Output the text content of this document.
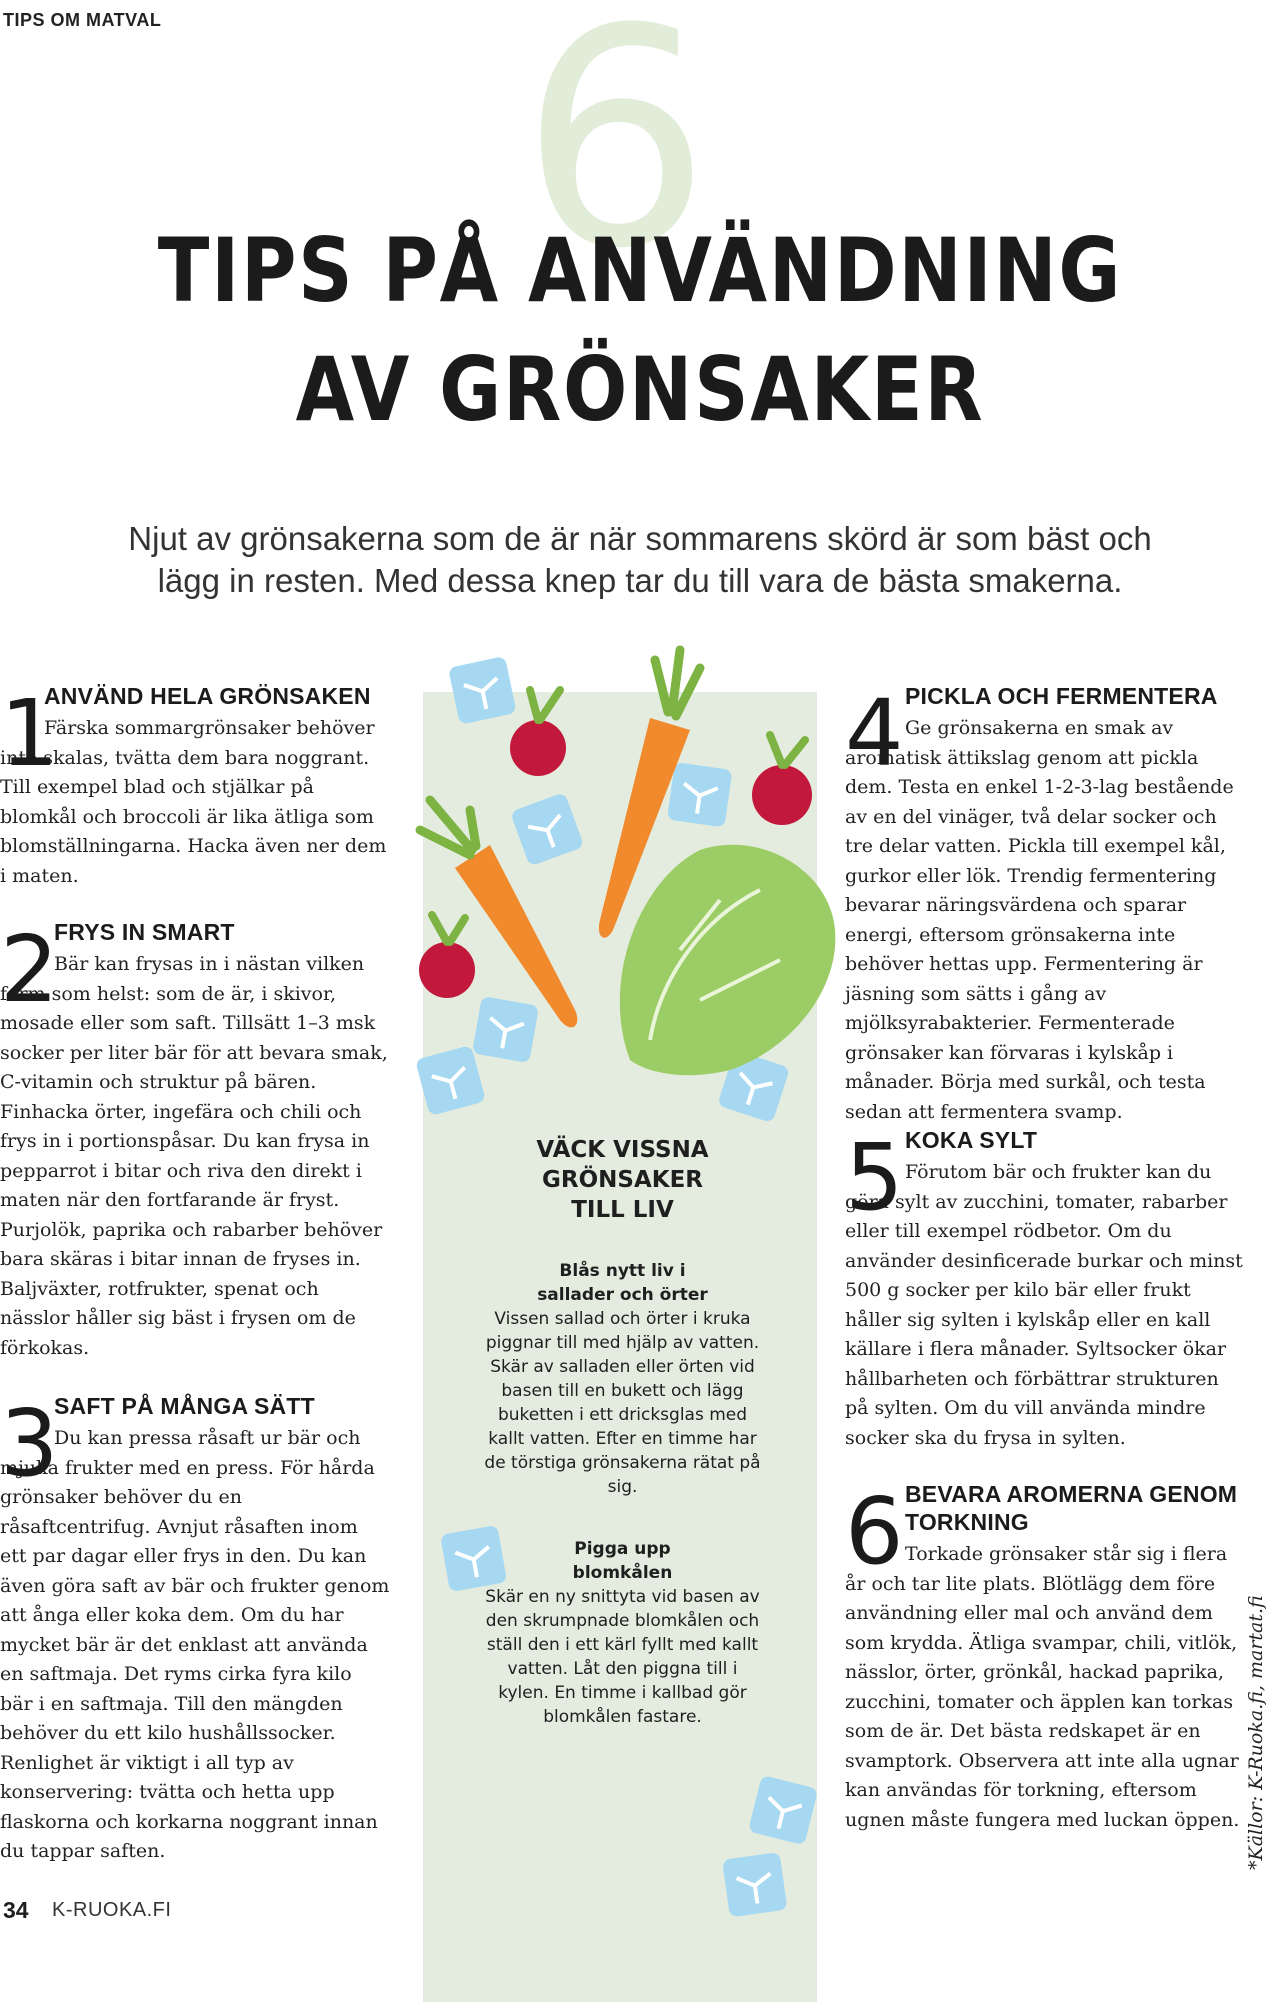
TIPS OM MATVAL 6
TIPS PÅ ANVÄNDNING
AV GRÖNSAKER
Njut av grönsakerna som de är när sommarens skörd är som bäst och
lägg in resten. Med dessa knep tar du till vara de bästa smakerna.
1

ANVÄND HELA GRÖNSAKEN

Färska sommargrönsaker behöver inte skalas, tvätta dem bara noggrant. Till exempel blad och stjälkar på blomkål och broccoli är lika ätliga som blomställningarna. Hacka även ner dem i maten.

2

FRYS IN SMART

Bär kan frysas in i nästan vilken form som helst: som de är, i skivor, mosade eller som saft. Tillsätt 1–3 msk socker per liter bär för att bevara smak, C-vitamin och struktur på bären. Finhacka örter, ingefära och chili och frys in i portionspåsar. Du kan frysa in pepparrot i bitar och riva den direkt i maten när den fortfarande är fryst. Purjolök, paprika och rabarber behöver bara skäras i bitar innan de fryses in. Baljväxter, rotfrukter, spenat och nässlor håller sig bäst i frysen om de förkokas.

3

SAFT PÅ MÅNGA SÄTT

Du kan pressa råsaft ur bär och mjuka frukter med en press. För hårda grönsaker behöver du en råsaftcentrifug. Avnjut råsaften inom ett par dagar eller frys in den. Du kan även göra saft av bär och frukter genom att ånga eller koka dem. Om du har mycket bär är det enklast att använda en saftmaja. Det ryms cirka fyra kilo bär i en saftmaja. Till den mängden behöver du ett kilo hushållssocker. Renlighet är viktigt i all typ av konservering: tvätta och hetta upp flaskorna och korkarna noggrant innan du tappar saften.

VÄCK VISSNA
GRÖNSAKER
TILL LIV
Blås nytt liv i
sallader och örter
Vissen sallad och örter i kruka piggnar till med hjälp av vatten. Skär av salladen eller örten vid basen till en bukett och lägg buketten i ett dricksglas med kallt vatten. Efter en timme har de törstiga grönsakerna rätat på sig.
Pigga upp
blomkålen
Skär en ny snittyta vid basen av den skrumpnade blomkålen och ställ den i ett kärl fyllt med kallt vatten. Låt den piggna till i kylen. En timme i kallbad gör blomkålen fastare.
4 PICKLA OCH FERMENTERA

Ge grönsakerna en smak av aromatisk ättikslag genom att pickla dem. Testa en enkel 1-2-3-lag bestående av en del vinäger, två delar socker och tre delar vatten. Pickla till exempel kål, gurkor eller lök. Trendig fermentering bevarar näringsvärdena och sparar energi, eftersom grönsakerna inte behöver hettas upp. Fermentering är jäsning som sätts i gång av mjölksyrabakterier. Fermenterade grönsaker kan förvaras i kylskåp i månader. Börja med surkål, och testa sedan att fermentera svamp.

5 KOKA SYLT

Förutom bär och frukter kan du göra sylt av zucchini, tomater, rabarber eller till exempel rödbetor. Om du använder desinficerade burkar och minst 500 g socker per kilo bär eller frukt håller sig sylten i kylskåp eller en kall källare i flera månader. Syltsocker ökar hållbarheten och förbättrar strukturen på sylten. Om du vill använda mindre socker ska du frysa in sylten.

6 BEVARA AROMERNA GENOM TORKNING

Torkade grönsaker står sig i flera år och tar lite plats. Blötlägg dem före användning eller mal och använd dem som krydda. Ätliga svampar, chili, vitlök, nässlor, örter, grönkål, hackad paprika, zucchini, tomater och äpplen kan torkas som de är. Det bästa redskapet är en svamptork. Observera att inte alla ugnar kan användas för torkning, eftersom ugnen måste fungera med luckan öppen. *Källor: K-Ruoka.fi, martat.fi
34 K-RUOKA.FI
